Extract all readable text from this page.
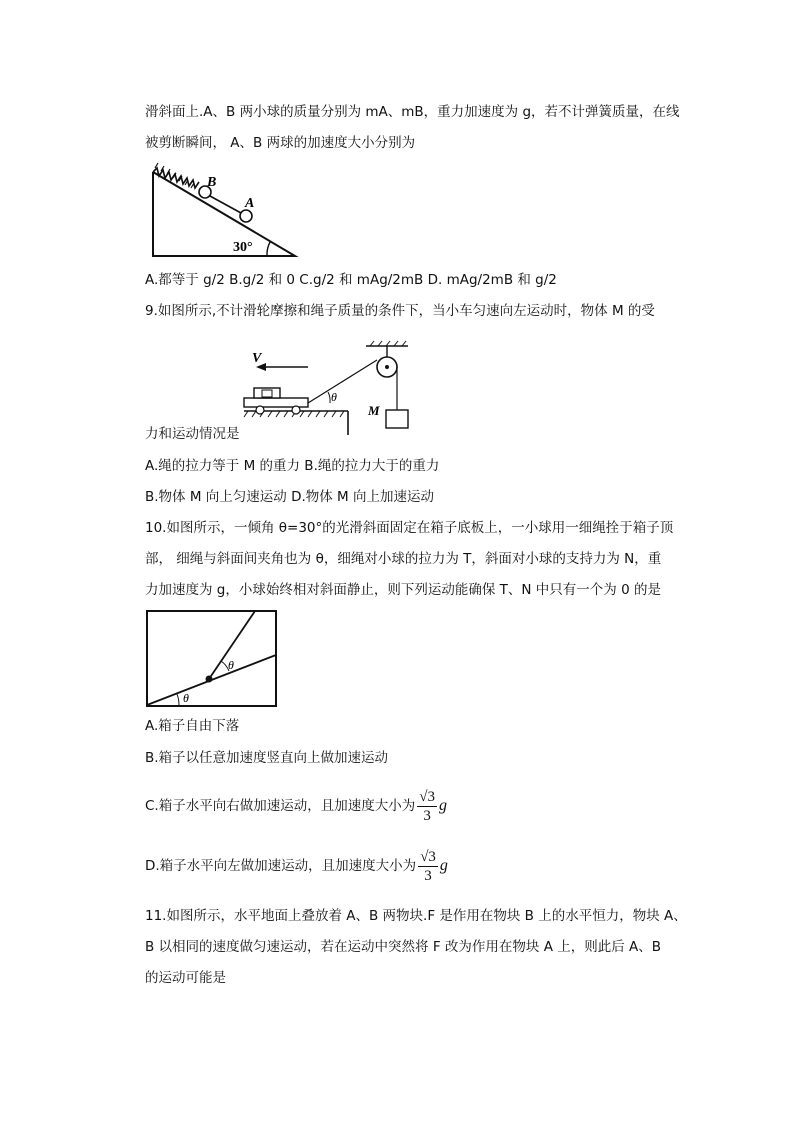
滑斜面上.A、B 两小球的质量分别为 mA、mB，重力加速度为 g，若不计弹簧质量，在线
被剪断瞬间， A、B 两球的加速度大小分别为
B
A
30°
A.都等于 g/2 B.g/2 和 0 C.g/2 和 mAg/2mB D. mAg/2mB 和 g/2
9.如图所示,不计滑轮摩擦和绳子质量的条件下，当小车匀速向左运动时，物体 M 的受
V
θ
M
力和运动情况是
A.绳的拉力等于 M 的重力 B.绳的拉力大于的重力
B.物体 M 向上匀速运动 D.物体 M 向上加速运动
10.如图所示，一倾角 θ=30°的光滑斜面固定在箱子底板上，一小球用一细绳拴于箱子顶
部， 细绳与斜面间夹角也为 θ，细绳对小球的拉力为 T，斜面对小球的支持力为 N，重
力加速度为 g，小球始终相对斜面静止，则下列运动能确保 T、N 中只有一个为 0 的是
θ
θ
A.箱子自由下落
B.箱子以任意加速度竖直向上做加速运动
C.箱子水平向右做加速运动，且加速度大小为 $\frac{√3}{3}$ g
D.箱子水平向左做加速运动，且加速度大小为 $\frac{√3}{3}$ g
11.如图所示，水平地面上叠放着 A、B 两物块.F 是作用在物块 B 上的水平恒力，物块 A、
B 以相同的速度做匀速运动，若在运动中突然将 F 改为作用在物块 A 上，则此后 A、B
的运动可能是
